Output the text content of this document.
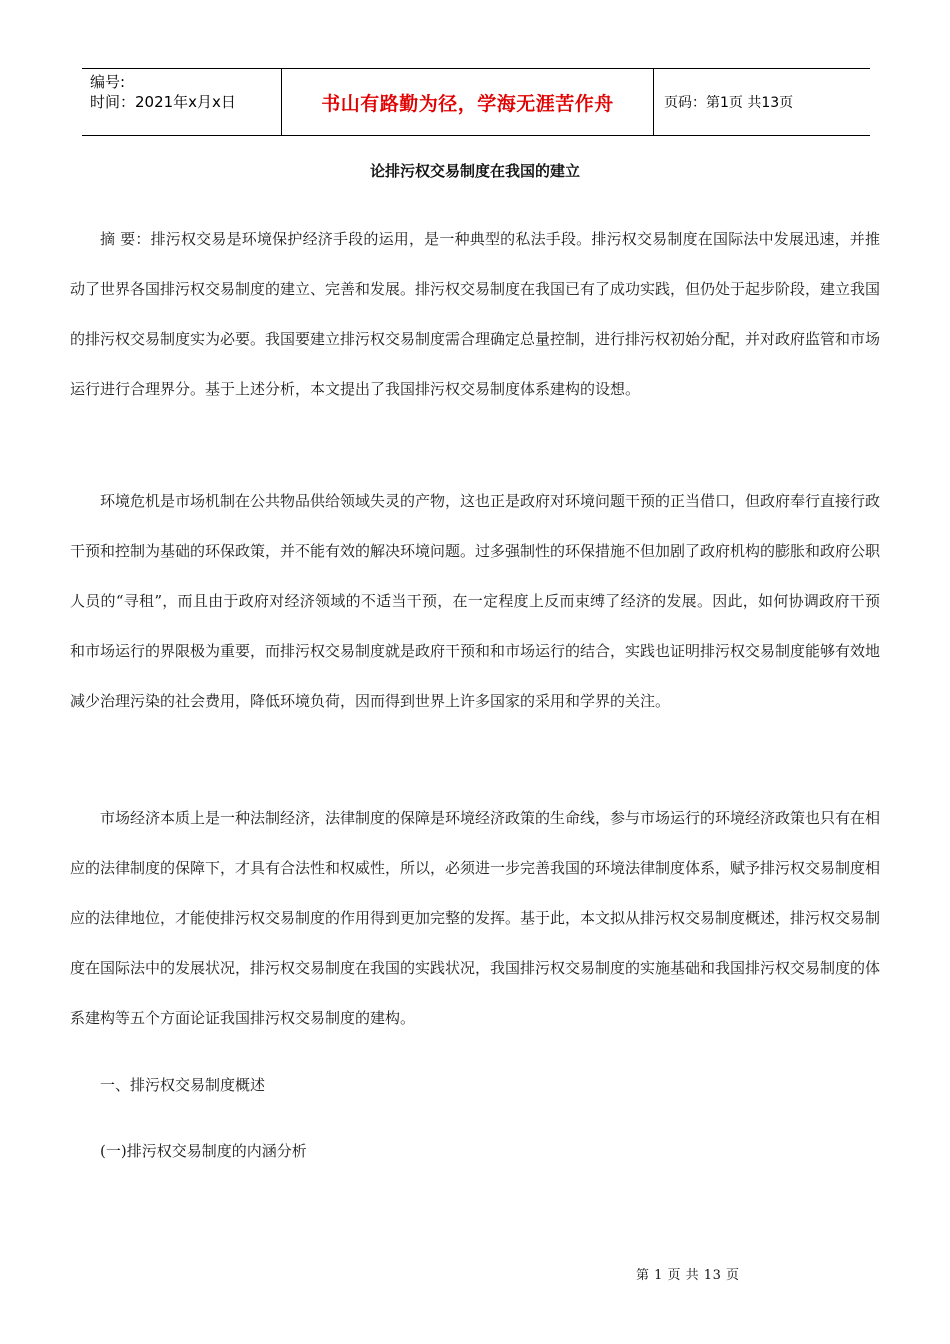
编号:
时间：2021年x月x日	书山有路勤为径，学海无涯苦作舟	页码：第1页 共13页
论排污权交易制度在我国的建立

摘 要：排污权交易是环境保护经济手段的运用，是一种典型的私法手段。排污权交易制度在国际法中发展迅速，并推动了世界各国排污权交易制度的建立、完善和发展。排污权交易制度在我国已有了成功实践，但仍处于起步阶段，建立我国的排污权交易制度实为必要。我国要建立排污权交易制度需合理确定总量控制，进行排污权初始分配，并对政府监管和市场运行进行合理界分。基于上述分析，本文提出了我国排污权交易制度体系建构的设想。

环境危机是市场机制在公共物品供给领域失灵的产物，这也正是政府对环境问题干预的正当借口，但政府奉行直接行政干预和控制为基础的环保政策，并不能有效的解决环境问题。过多强制性的环保措施不但加剧了政府机构的膨胀和政府公职人员的“寻租”，而且由于政府对经济领域的不适当干预，在一定程度上反而束缚了经济的发展。因此，如何协调政府干预和市场运行的界限极为重要，而排污权交易制度就是政府干预和和市场运行的结合，实践也证明排污权交易制度能够有效地减少治理污染的社会费用，降低环境负荷，因而得到世界上许多国家的采用和学界的关注。

市场经济本质上是一种法制经济，法律制度的保障是环境经济政策的生命线，参与市场运行的环境经济政策也只有在相应的法律制度的保障下，才具有合法性和权威性，所以，必须进一步完善我国的环境法律制度体系，赋予排污权交易制度相应的法律地位，才能使排污权交易制度的作用得到更加完整的发挥。基于此，本文拟从排污权交易制度概述，排污权交易制度在国际法中的发展状况，排污权交易制度在我国的实践状况，我国排污权交易制度的实施基础和我国排污权交易制度的体系建构等五个方面论证我国排污权交易制度的建构。

一、排污权交易制度概述
(一)排污权交易制度的内涵分析
第 1 页 共 13 页
